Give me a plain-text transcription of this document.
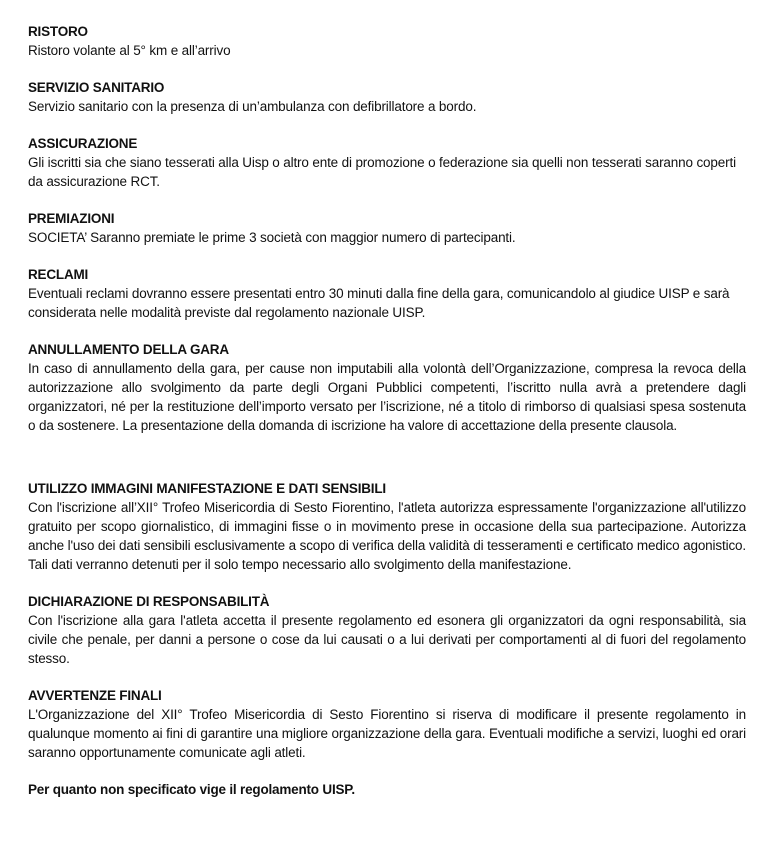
RISTORO
Ristoro volante al 5° km e all’arrivo
SERVIZIO SANITARIO
Servizio sanitario con la presenza di un’ambulanza con defibrillatore a bordo.
ASSICURAZIONE
Gli iscritti sia che siano tesserati alla Uisp o altro ente di promozione o federazione sia quelli non tesserati saranno coperti da assicurazione RCT.
PREMIAZIONI
SOCIETA’ Saranno premiate le prime 3 società con maggior numero di partecipanti.
RECLAMI
Eventuali reclami dovranno essere presentati entro 30 minuti dalla fine della gara, comunicandolo al giudice UISP e sarà considerata nelle modalità previste dal regolamento nazionale UISP.
ANNULLAMENTO DELLA GARA
In caso di annullamento della gara, per cause non imputabili alla volontà dell’Organizzazione, compresa la revoca della autorizzazione allo svolgimento da parte degli Organi Pubblici competenti, l’iscritto nulla avrà a pretendere dagli organizzatori, né per la restituzione dell’importo versato per l’iscrizione, né a titolo di rimborso di qualsiasi spesa sostenuta o da sostenere. La presentazione della domanda di iscrizione ha valore di accettazione della presente clausola.
UTILIZZO IMMAGINI MANIFESTAZIONE E DATI SENSIBILI
Con l'iscrizione all’XII° Trofeo Misericordia di Sesto Fiorentino, l'atleta autorizza espressamente l'organizzazione all'utilizzo gratuito per scopo giornalistico, di immagini fisse o in movimento prese in occasione della sua partecipazione. Autorizza anche l'uso dei dati sensibili esclusivamente a scopo di verifica della validità di tesseramenti e certificato medico agonistico. Tali dati verranno detenuti per il solo tempo necessario allo svolgimento della manifestazione.
DICHIARAZIONE DI RESPONSABILITÀ
Con l'iscrizione alla gara l'atleta accetta il presente regolamento ed esonera gli organizzatori da ogni responsabilità, sia civile che penale, per danni a persone o cose da lui causati o a lui derivati per comportamenti al di fuori del regolamento stesso.
AVVERTENZE FINALI
L'Organizzazione del XII° Trofeo Misericordia di Sesto Fiorentino si riserva di modificare il presente regolamento in qualunque momento ai fini di garantire una migliore organizzazione della gara. Eventuali modifiche a servizi, luoghi ed orari saranno opportunamente comunicate agli atleti.
Per quanto non specificato vige il regolamento UISP.
